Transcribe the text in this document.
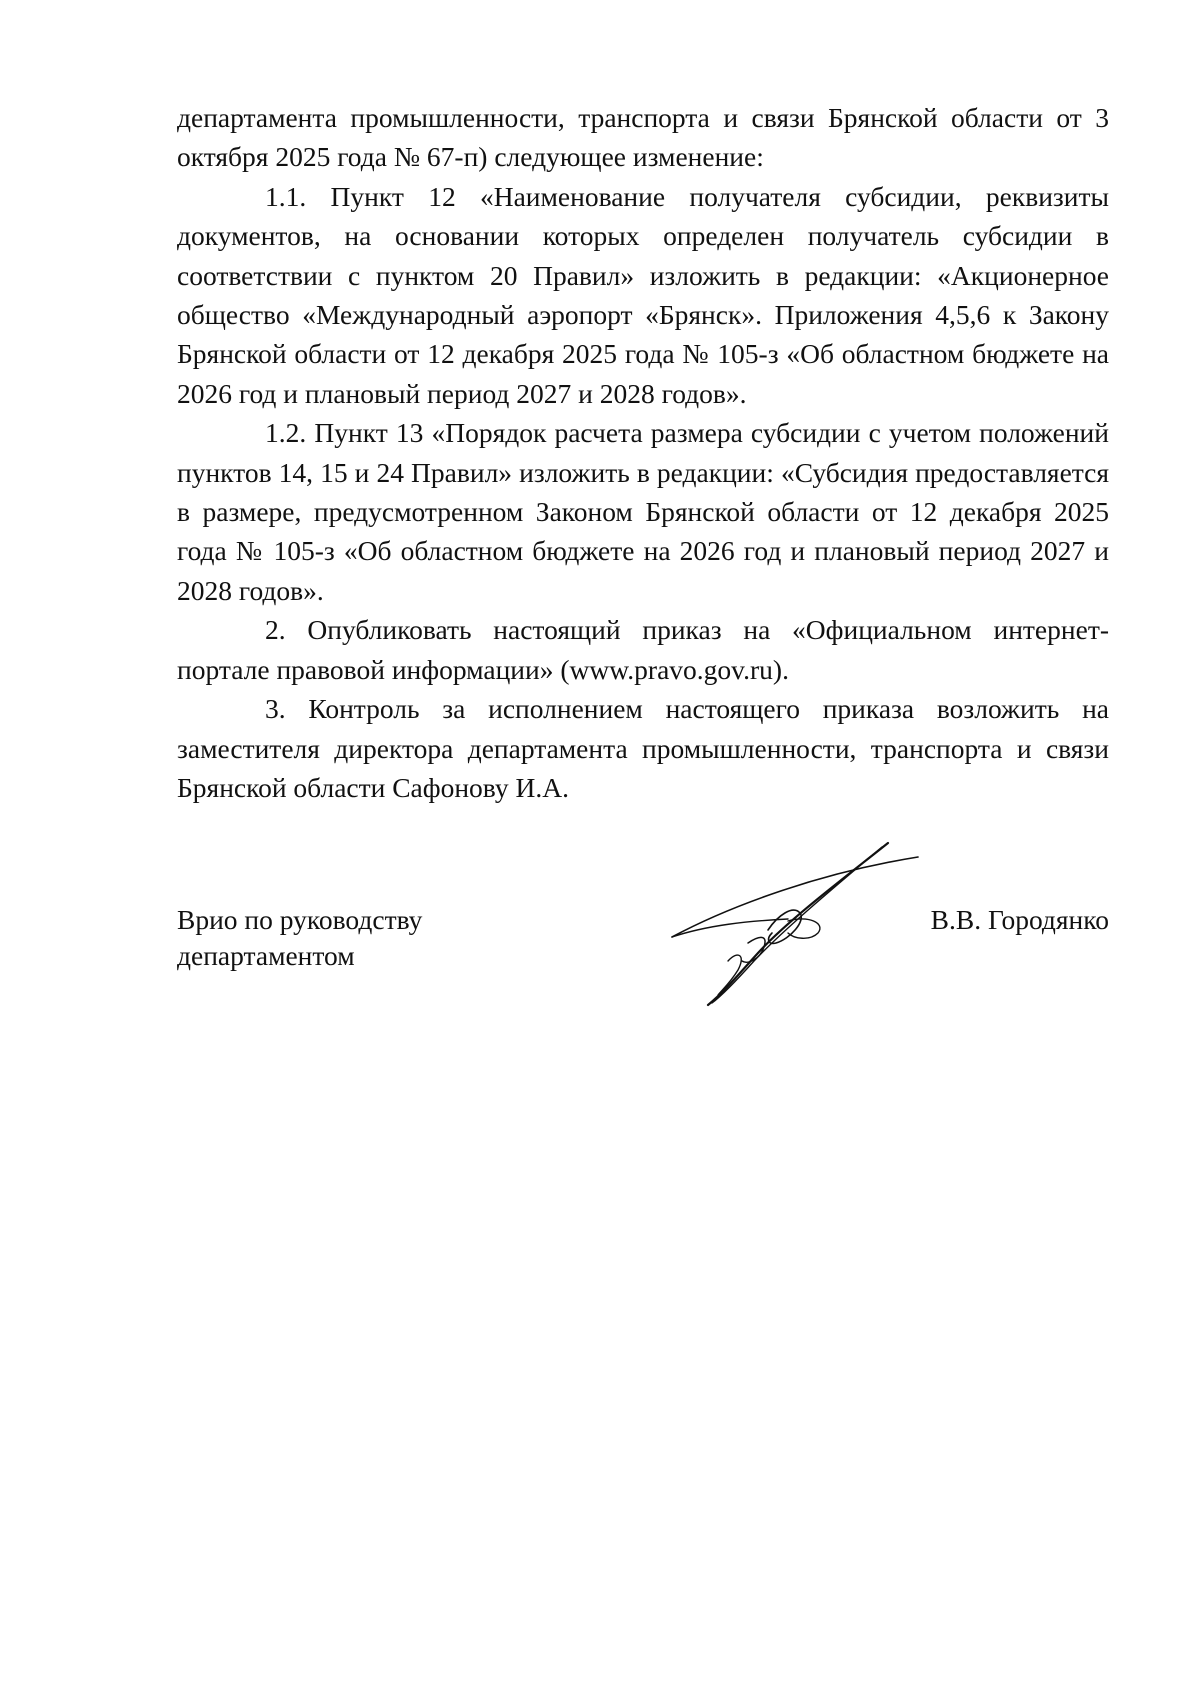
департамента промышленности, транспорта и связи Брянской области от 3 октября 2025 года № 67-п) следующее изменение:

1.1. Пункт 12 «Наименование получателя субсидии, реквизиты документов, на основании которых определен получатель субсидии в соответствии с пунктом 20 Правил» изложить в редакции: «Акционерное общество «Международный аэропорт «Брянск». Приложения 4,5,6 к Закону Брянской области от 12 декабря 2025 года № 105-з «Об областном бюджете на 2026 год и плановый период 2027 и 2028 годов».

1.2. Пункт 13 «Порядок расчета размера субсидии с учетом положений пунктов 14, 15 и 24 Правил» изложить в редакции: «Субсидия предоставляется в размере, предусмотренном Законом Брянской области от 12 декабря 2025 года № 105-з «Об областном бюджете на 2026 год и плановый период 2027 и 2028 годов».

2. Опубликовать настоящий приказ на «Официальном интернет-портале правовой информации» (www.pravo.gov.ru).

3. Контроль за исполнением настоящего приказа возложить на заместителя директора департамента промышленности, транспорта и связи Брянской области Сафонову И.А.

Врио по руководству
департаментом
В.В. Городянко
